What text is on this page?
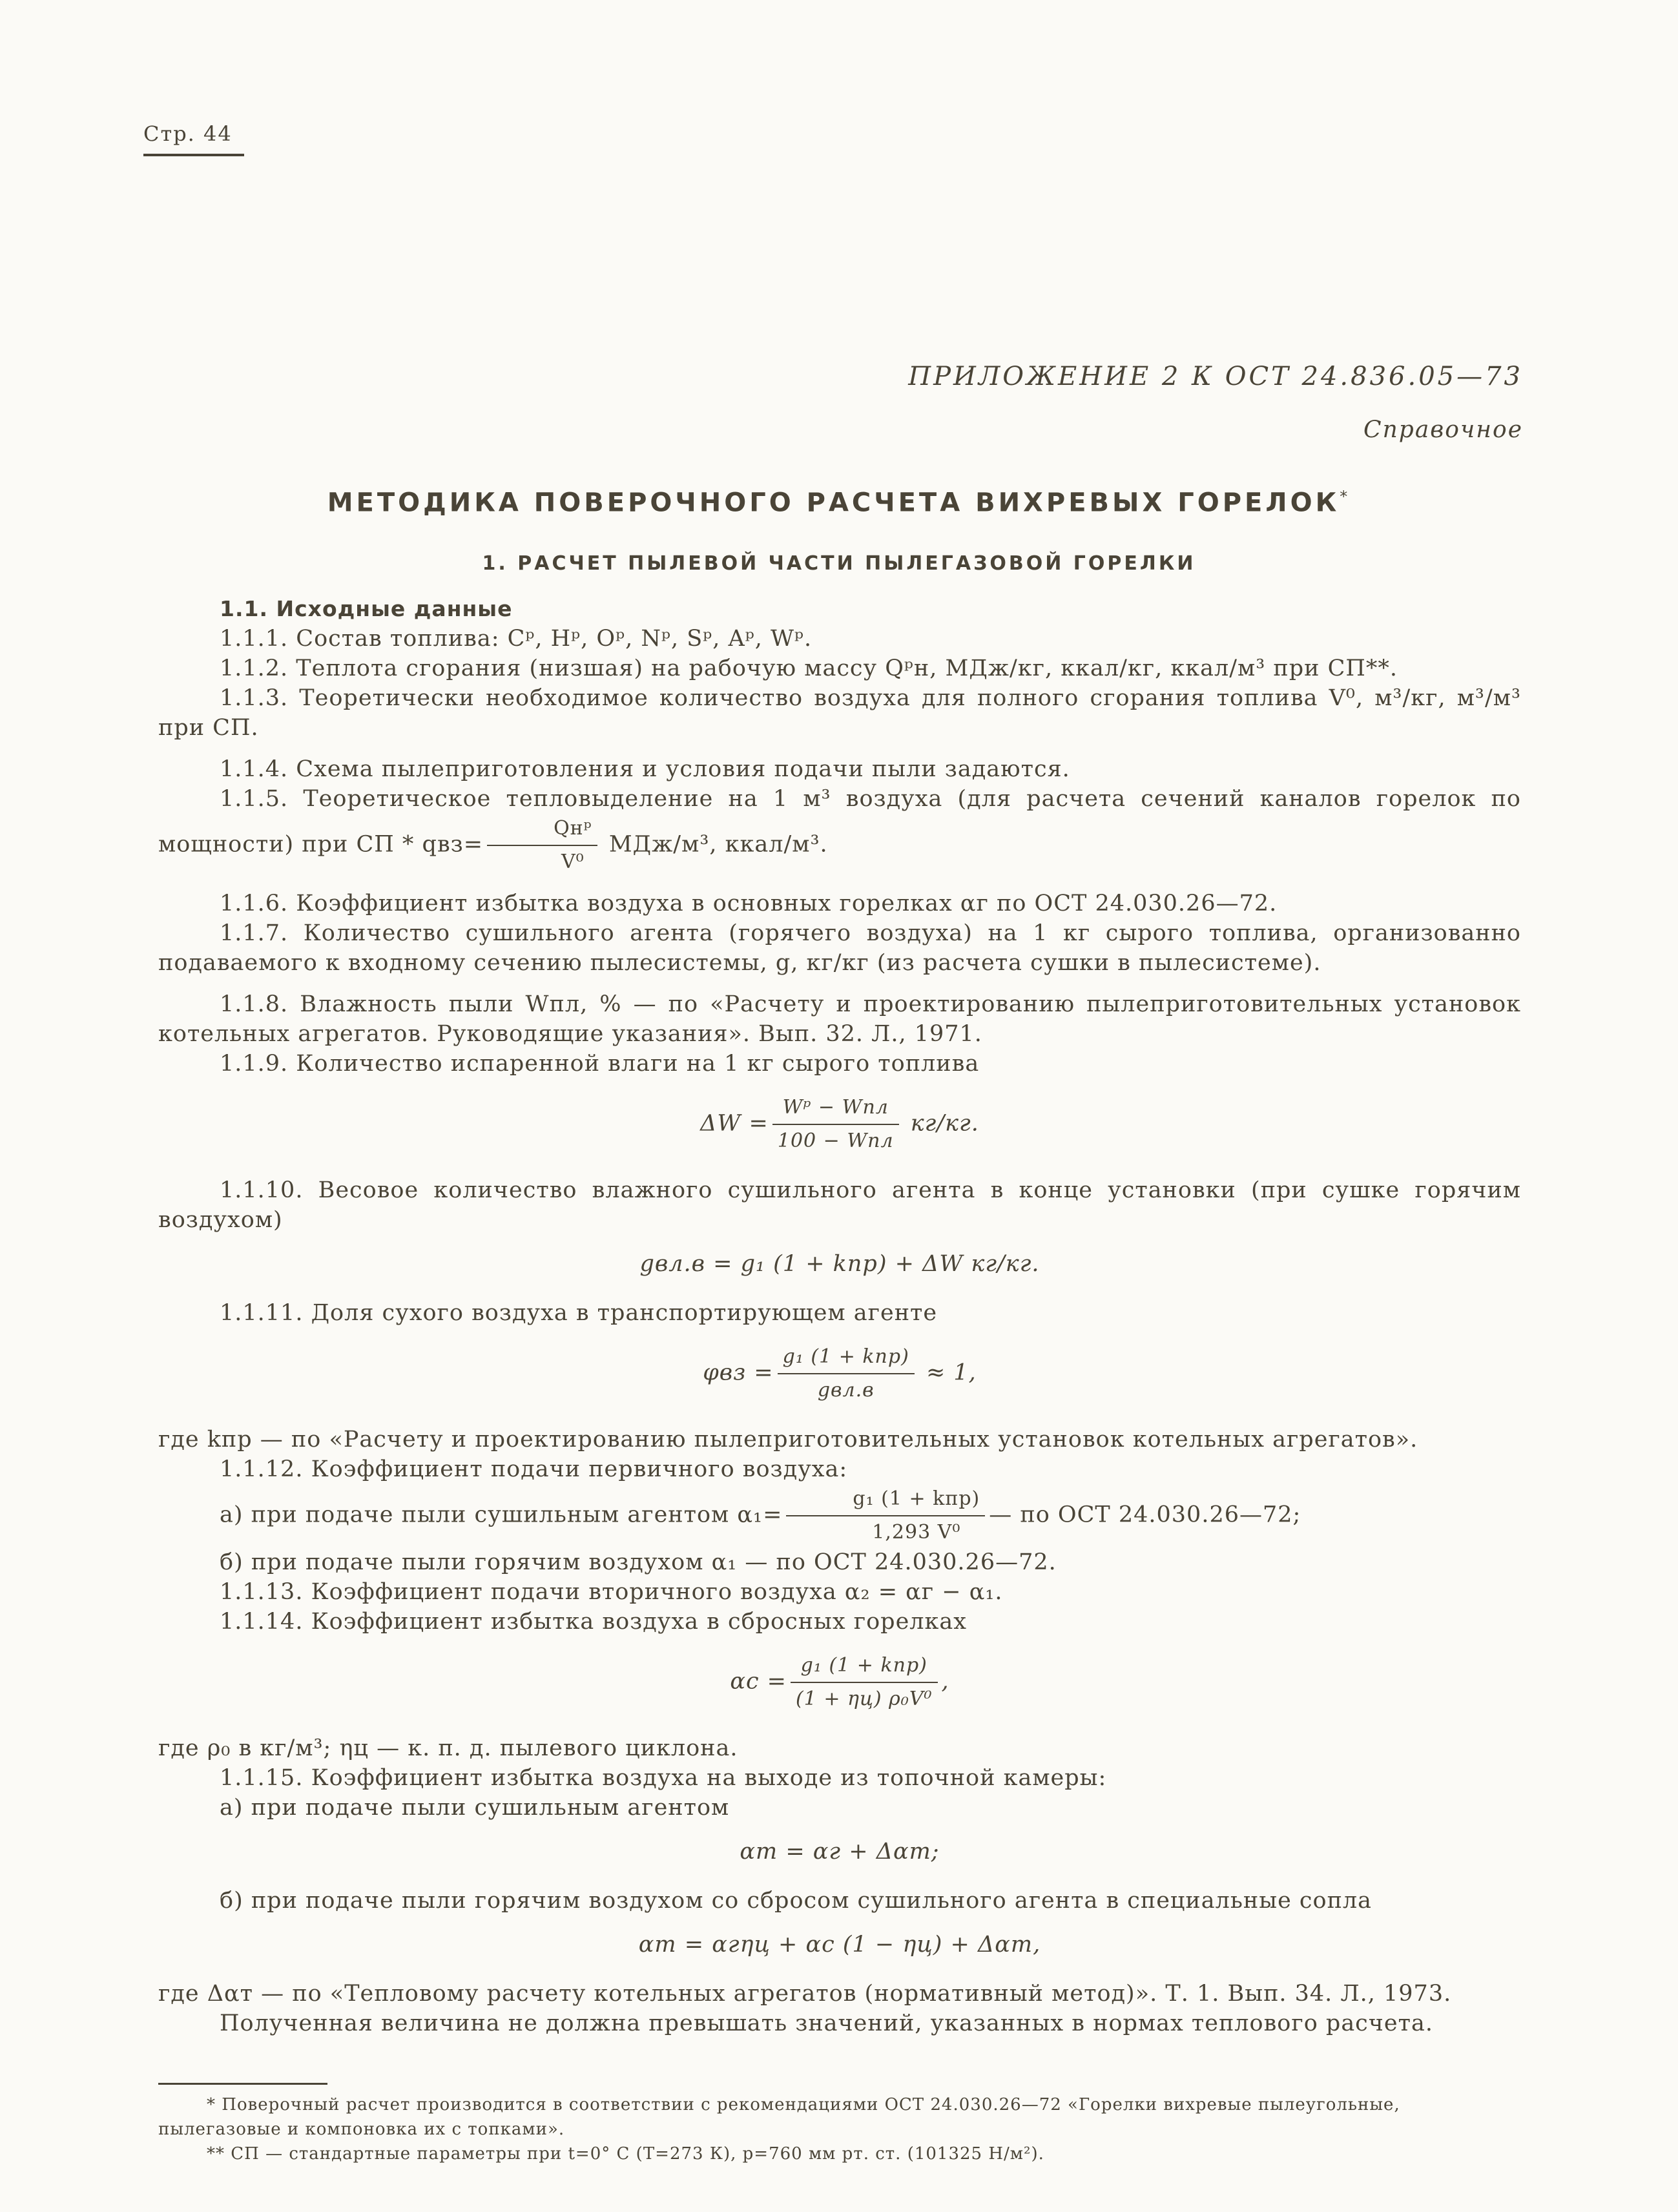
Стр. 44
ПРИЛОЖЕНИЕ 2 К ОСТ 24.836.05—73
Справочное
МЕТОДИКА ПОВЕРОЧНОГО РАСЧЕТА ВИХРЕВЫХ ГОРЕЛОК*
1. РАСЧЕТ ПЫЛЕВОЙ ЧАСТИ ПЫЛЕГАЗОВОЙ ГОРЕЛКИ

1.1. Исходные данные

1.1.1. Состав топлива: Cᵖ, Hᵖ, Oᵖ, Nᵖ, Sᵖ, Aᵖ, Wᵖ.

1.1.2. Теплота сгорания (низшая) на рабочую массу Qᵖн, МДж/кг, ккал/кг, ккал/м³ при СП**.

1.1.3. Теоретически необходимое количество воздуха для полного сгорания топлива V⁰, м³/кг, м³/м³ при СП.

1.1.4. Схема пылеприготовления и условия подачи пыли задаются.

1.1.5. Теоретическое тепловыделение на 1 м³ воздуха (для расчета сечений каналов горелок по мощности) при СП * $qвз= \frac{\text{Qнᵖ}}{\text{V⁰}} МДж/м^3$, ккал/м³.

1.1.6. Коэффициент избытка воздуха в основных горелках αг по ОСТ 24.030.26—72.

1.1.7. Количество сушильного агента (горячего воздуха) на 1 кг сырого топлива, организованно подаваемого к входному сечению пылесистемы, g, кг/кг (из расчета сушки в пылесистеме).

1.1.8. Влажность пыли Wпл, % — по «Расчету и проектированию пылеприготовительных установок котельных агрегатов. Руководящие указания». Вып. 32. Л., 1971.

1.1.9. Количество испаренной влаги на 1 кг сырого топлива

$\Delta W = \frac{\text{Wᵖ − Wпл}}{\text{100 − Wпл}} кг/кг$.

1.1.10. Весовое количество влажного сушильного агента в конце установки (при сушке горячим воздухом)

gвл.в = g₁ (1 + kпр) + ΔW кг/кг.

1.1.11. Доля сухого воздуха в транспортирующем агенте

$\varphi вз = \frac{\text{g₁ (1 + kпр)}}{\text{gвл.в}} \approx 1$,

где kпр — по «Расчету и проектированию пылеприготовительных установок котельных агрегатов».

1.1.12. Коэффициент подачи первичного воздуха:

а) при подаче пыли сушильным агентом $\alpha_1= \frac{\text{g₁ (1 + kпр)}}{\text{1,293 V⁰}}$ — по ОСТ 24.030.26—72;

б) при подаче пыли горячим воздухом α₁ — по ОСТ 24.030.26—72.

1.1.13. Коэффициент подачи вторичного воздуха α₂ = αг − α₁.

1.1.14. Коэффициент избытка воздуха в сбросных горелках

$\alpha с = \frac{\text{g₁ (1 + kпр)}}{\text{(1 + ηц) ρ₀V⁰}}$ ,

где ρ₀ в кг/м³; ηц — к. п. д. пылевого циклона.

1.1.15. Коэффициент избытка воздуха на выходе из топочной камеры:

а) при подаче пыли сушильным агентом

αт = αг + Δαт;

б) при подаче пыли горячим воздухом со сбросом сушильного агента в специальные сопла

αт = αгηц + αс (1 − ηц) + Δαт,

где Δαт — по «Тепловому расчету котельных агрегатов (нормативный метод)». Т. 1. Вып. 34. Л., 1973.

Полученная величина не должна превышать значений, указанных в нормах теплового расчета.

* Поверочный расчет производится в соответствии с рекомендациями ОСТ 24.030.26—72 «Горелки вихревые пылеугольные, пылегазовые и компоновка их с топками».

** СП — стандартные параметры при t=0° С (T=273 К), p=760 мм рт. ст. (101325 Н/м²).
